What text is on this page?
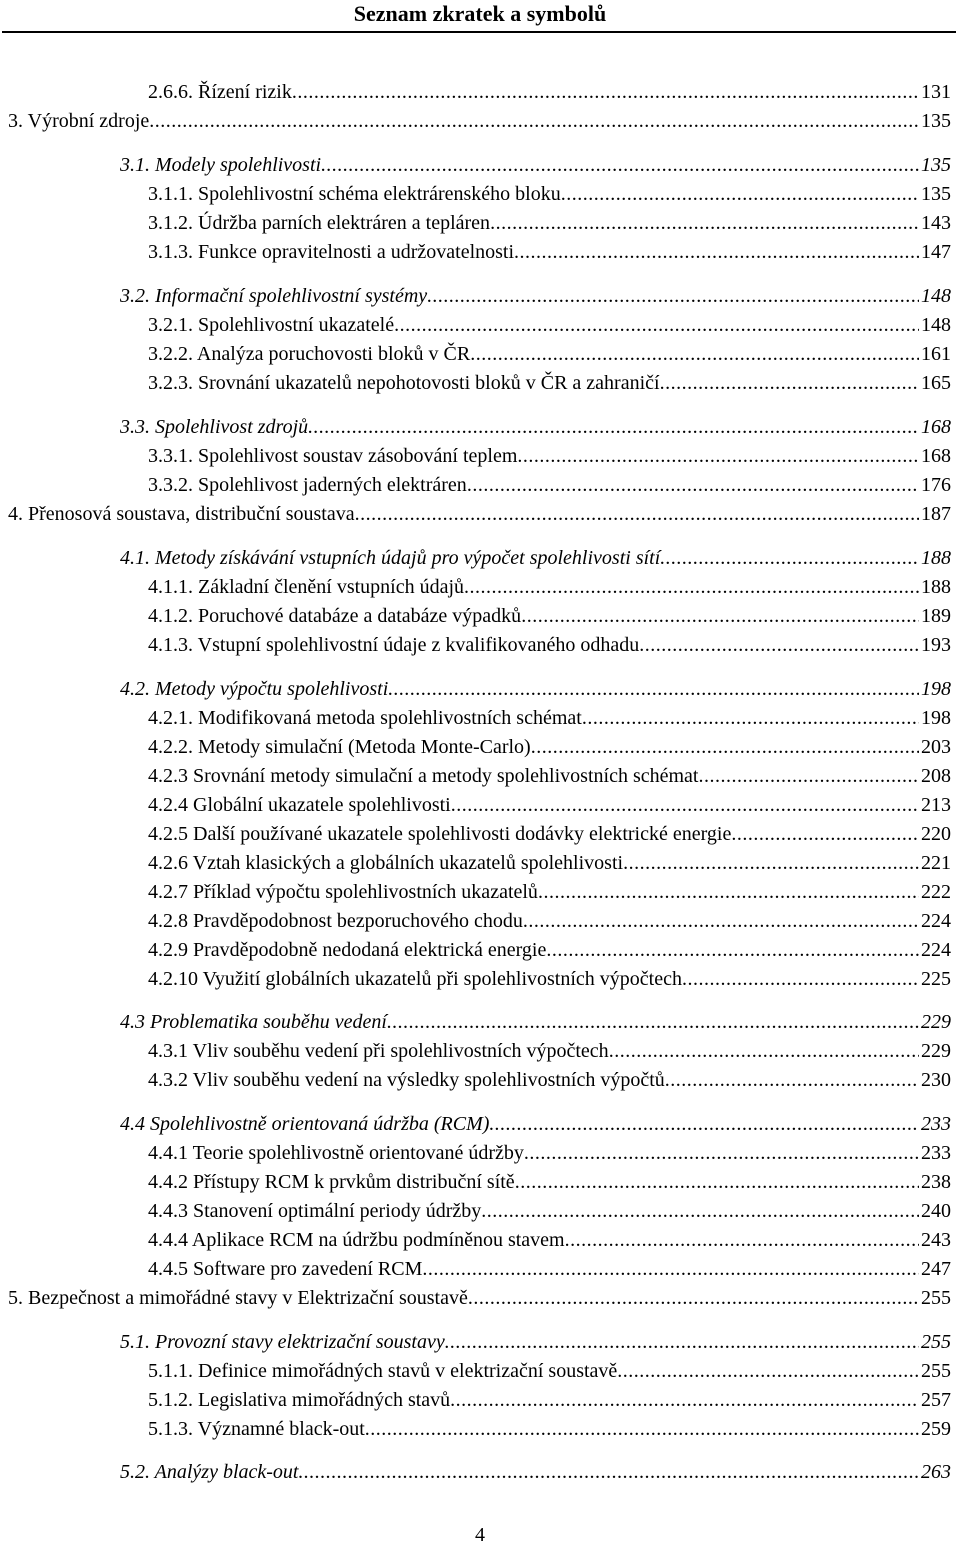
Seznam zkratek a symbolů
2.6.6. Řízení rizik .....	131
3. Výrobní zdroje .....	135
3.1. Modely spolehlivosti .....	135
3.1.1. Spolehlivostní schéma elektrárenského bloku .....	135
3.1.2. Údržba parních elektráren a tepláren .....	143
3.1.3. Funkce opravitelnosti a udržovatelnosti .....	147
3.2. Informační spolehlivostní systémy .....	148
3.2.1. Spolehlivostní ukazatelé .....	148
3.2.2. Analýza poruchovosti bloků v ČR .....	161
3.2.3. Srovnání ukazatelů nepohotovosti bloků v ČR a zahraničí .....	165
3.3. Spolehlivost zdrojů .....	168
3.3.1. Spolehlivost soustav zásobování teplem .....	168
3.3.2. Spolehlivost jaderných elektráren .....	176
4. Přenosová soustava, distribuční soustava .....	187
4.1. Metody získávání vstupních údajů pro výpočet spolehlivosti sítí .....	188
4.1.1. Základní členění vstupních údajů .....	188
4.1.2. Poruchové databáze a databáze výpadků .....	189
4.1.3. Vstupní spolehlivostní údaje z kvalifikovaného odhadu .....	193
4.2. Metody výpočtu spolehlivosti .....	198
4.2.1. Modifikovaná metoda spolehlivostních schémat .....	198
4.2.2. Metody simulační (Metoda Monte-Carlo) .....	203
4.2.3 Srovnání metody simulační a metody spolehlivostních schémat .....	208
4.2.4 Globální ukazatele spolehlivosti .....	213
4.2.5 Další používané ukazatele spolehlivosti dodávky elektrické energie .....	220
4.2.6 Vztah klasických a globálních ukazatelů spolehlivosti .....	221
4.2.7 Příklad výpočtu spolehlivostních ukazatelů .....	222
4.2.8 Pravděpodobnost bezporuchového chodu .....	224
4.2.9 Pravděpodobně nedodaná elektrická energie .....	224
4.2.10 Využití globálních ukazatelů při spolehlivostních výpočtech .....	225
4.3 Problematika souběhu vedení .....	229
4.3.1 Vliv souběhu vedení při spolehlivostních výpočtech .....	229
4.3.2 Vliv souběhu vedení na výsledky spolehlivostních výpočtů .....	230
4.4 Spolehlivostně orientovaná údržba (RCM) .....	233
4.4.1 Teorie spolehlivostně orientované údržby .....	233
4.4.2 Přístupy RCM k prvkům distribuční sítě .....	238
4.4.3 Stanovení optimální periody údržby .....	240
4.4.4 Aplikace RCM na údržbu podmíněnou stavem .....	243
4.4.5 Software pro zavedení RCM .....	247
5. Bezpečnost a mimořádné stavy v Elektrizační soustavě .....	255
5.1. Provozní stavy elektrizační soustavy .....	255
5.1.1. Definice mimořádných stavů v elektrizační soustavě .....	255
5.1.2. Legislativa mimořádných stavů .....	257
5.1.3. Významné black-out .....	259
5.2. Analýzy black-out .....	263
4
